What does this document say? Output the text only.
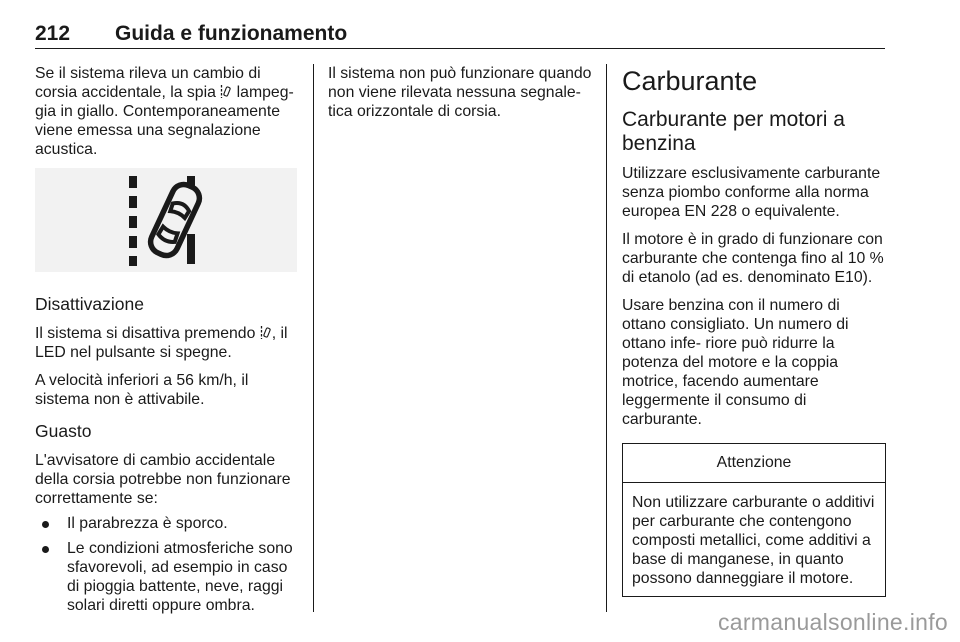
212 Guida e funzionamento

Se il sistema rileva un cambio di corsia accidentale, la spia lampeg- gia in giallo. Contemporaneamente viene emessa una segnalazione acustica.

Disattivazione

Il sistema si disattiva premendo , il LED nel pulsante si spegne.

A velocità inferiori a 56 km/h, il sistema non è attivabile.

Guasto

L'avvisatore di cambio accidentale della corsia potrebbe non funzionare correttamente se:

Il parabrezza è sporco.
Le condizioni atmosferiche sono sfavorevoli, ad esempio in caso di pioggia battente, neve, raggi solari diretti oppure ombra.

Il sistema non può funzionare quando non viene rilevata nessuna segnale- tica orizzontale di corsia.

Carburante
Carburante per motori a benzina

Utilizzare esclusivamente carburante senza piombo conforme alla norma europea EN 228 o equivalente.

Il motore è in grado di funzionare con carburante che contenga fino al 10 % di etanolo (ad es. denominato E10).

Usare benzina con il numero di ottano consigliato. Un numero di ottano infe- riore può ridurre la potenza del motore e la coppia motrice, facendo aumentare leggermente il consumo di carburante.

Attenzione
Non utilizzare carburante o additivi per carburante che contengono composti metallici, come additivi a base di manganese, in quanto possono danneggiare il motore.
carmanualsonline.info
